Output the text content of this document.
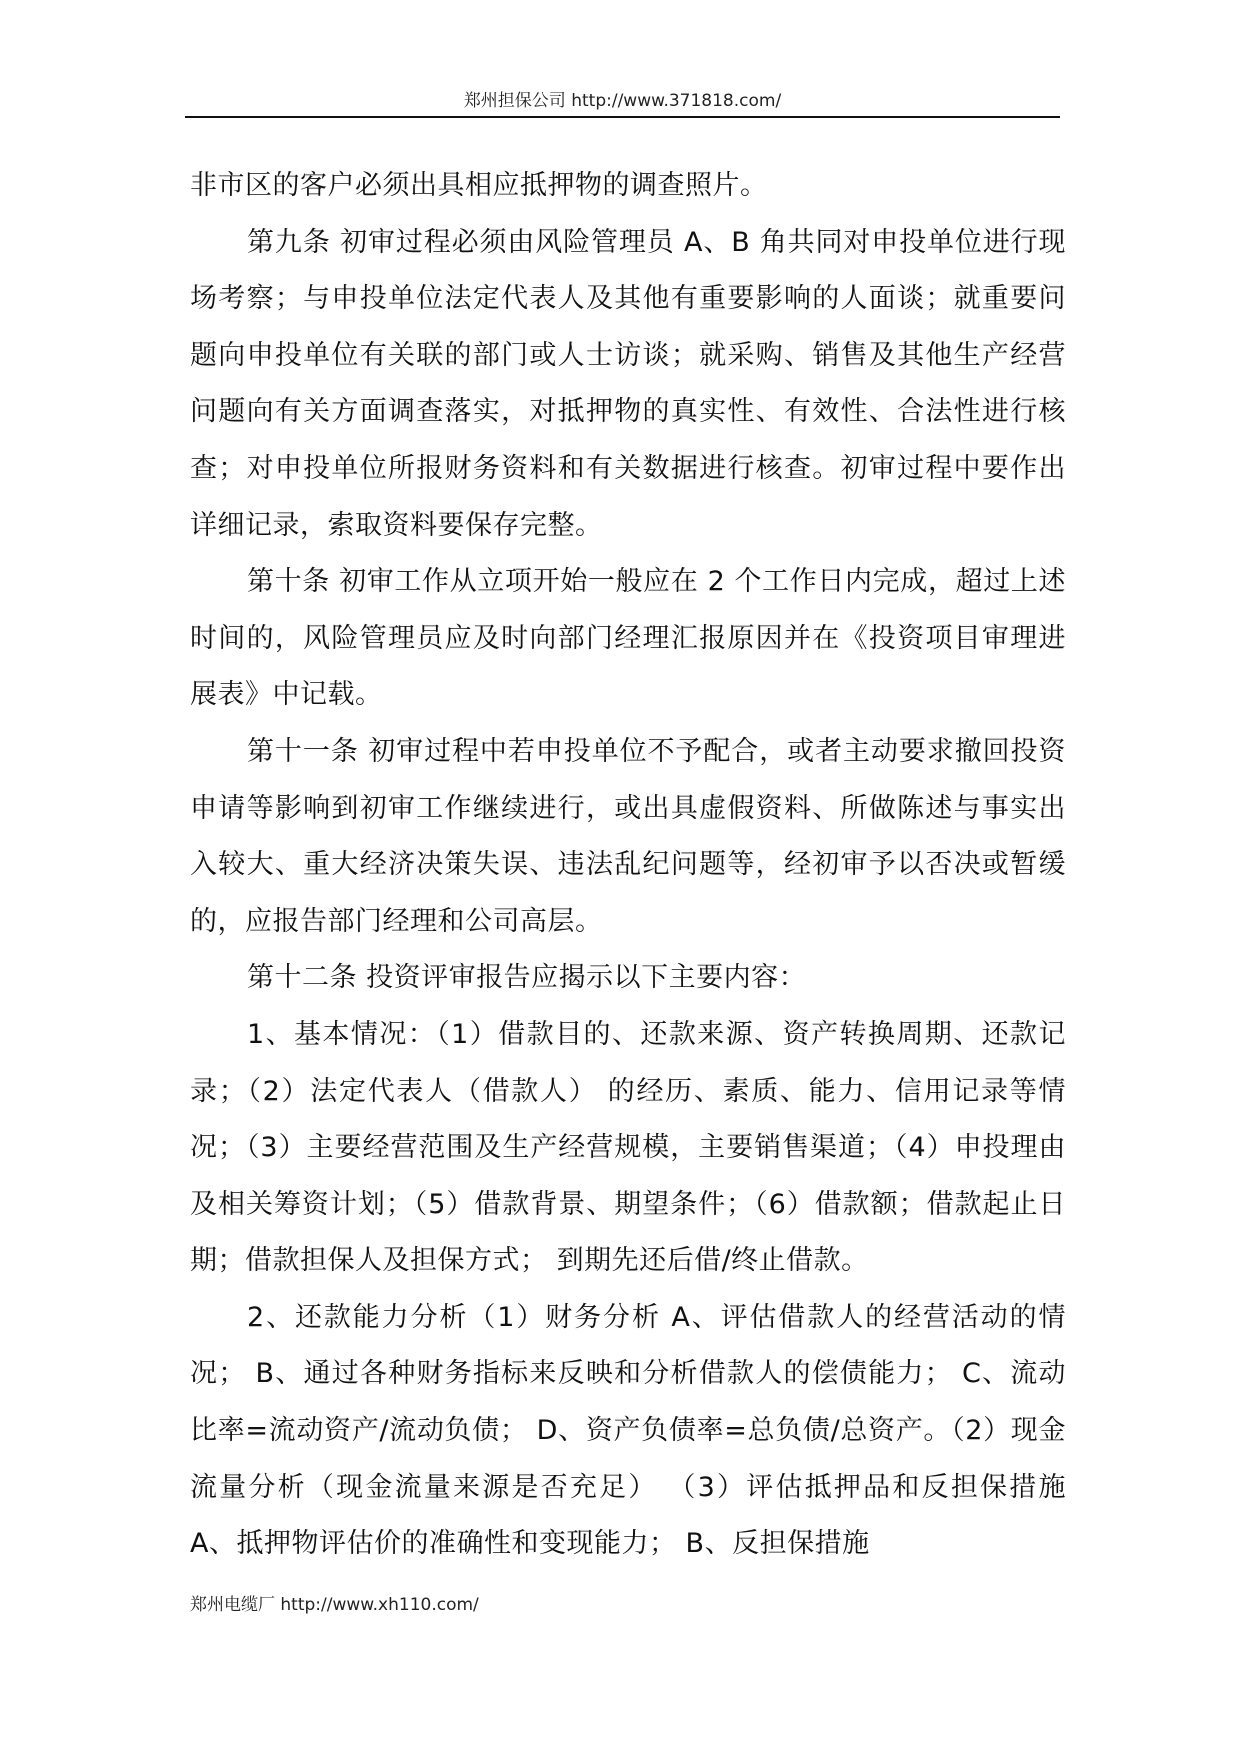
郑州担保公司 http://www.371818.com/

非市区的客户必须出具相应抵押物的调查照片。

第九条 初审过程必须由风险管理员 A、B 角共同对申投单位进行现场考察；与申投单位法定代表人及其他有重要影响的人面谈；就重要问题向申投单位有关联的部门或人士访谈；就采购、销售及其他生产经营问题向有关方面调查落实，对抵押物的真实性、有效性、合法性进行核查；对申投单位所报财务资料和有关数据进行核查。初审过程中要作出详细记录，索取资料要保存完整。

第十条 初审工作从立项开始一般应在 2 个工作日内完成，超过上述时间的，风险管理员应及时向部门经理汇报原因并在《投资项目审理进展表》中记载。

第十一条 初审过程中若申投单位不予配合，或者主动要求撤回投资申请等影响到初审工作继续进行，或出具虚假资料、所做陈述与事实出入较大、重大经济决策失误、违法乱纪问题等，经初审予以否决或暂缓的，应报告部门经理和公司高层。

第十二条 投资评审报告应揭示以下主要内容：

1、基本情况：（1）借款目的、还款来源、资产转换周期、还款记录；（2）法定代表人（借款人） 的经历、素质、能力、信用记录等情况；（3）主要经营范围及生产经营规模，主要销售渠道；（4）申投理由及相关筹资计划；（5）借款背景、期望条件；（6）借款额；借款起止日期；借款担保人及担保方式； 到期先还后借/终止借款。

2、还款能力分析（1）财务分析 A、评估借款人的经营活动的情况； B、通过各种财务指标来反映和分析借款人的偿债能力； C、流动比率=流动资产/流动负债； D、资产负债率=总负债/总资产。（2）现金流量分析（现金流量来源是否充足） （3）评估抵押品和反担保措施 A、抵押物评估价的准确性和变现能力； B、反担保措施

郑州电缆厂 http://www.xh110.com/
